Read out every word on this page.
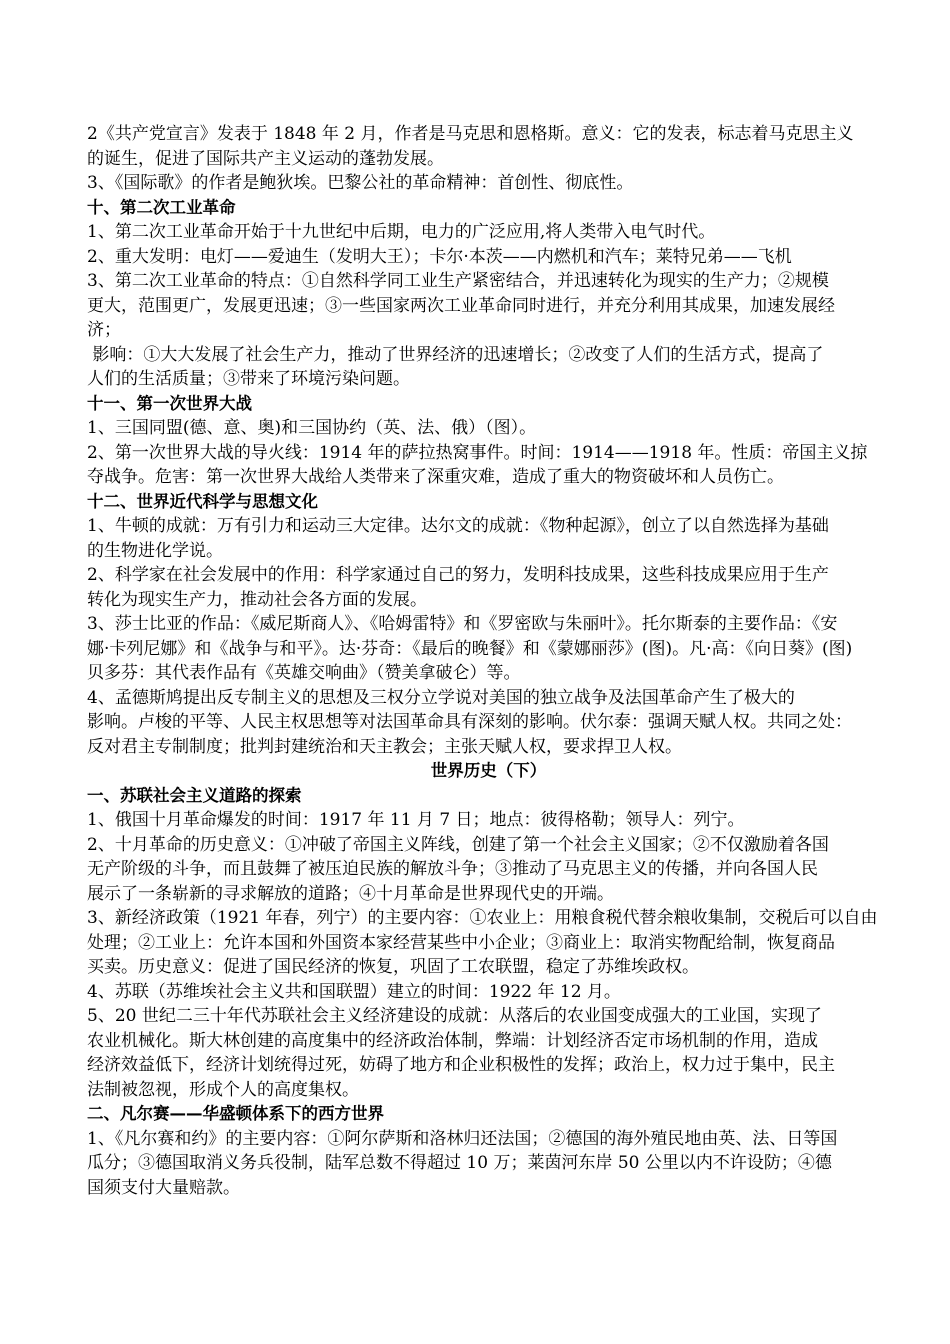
2《共产党宣言》发表于 1848 年 2 月，作者是马克思和恩格斯。意义：它的发表，标志着马克思主义
的诞生，促进了国际共产主义运动的蓬勃发展。
3、《国际歌》的作者是鲍狄埃。巴黎公社的革命精神：首创性、彻底性。
十、第二次工业革命
1、第二次工业革命开始于十九世纪中后期，电力的广泛应用,将人类带入电气时代。
2、重大发明：电灯——爱迪生（发明大王）；卡尔·本茨——内燃机和汽车；莱特兄弟——飞机
3、第二次工业革命的特点：①自然科学同工业生产紧密结合，并迅速转化为现实的生产力；②规模
更大，范围更广，发展更迅速；③一些国家两次工业革命同时进行，并充分利用其成果，加速发展经
济；
影响：①大大发展了社会生产力，推动了世界经济的迅速增长；②改变了人们的生活方式，提高了
人们的生活质量；③带来了环境污染问题。
十一、第一次世界大战
1、三国同盟(德、意、奥)和三国协约（英、法、俄）（图）。
2、第一次世界大战的导火线：1914 年的萨拉热窝事件。时间：1914——1918 年。性质：帝国主义掠
夺战争。危害：第一次世界大战给人类带来了深重灾难，造成了重大的物资破坏和人员伤亡。
十二、世界近代科学与思想文化
1、牛顿的成就：万有引力和运动三大定律。达尔文的成就：《物种起源》，创立了以自然选择为基础
的生物进化学说。
2、科学家在社会发展中的作用：科学家通过自己的努力，发明科技成果，这些科技成果应用于生产
转化为现实生产力，推动社会各方面的发展。
3、莎士比亚的作品：《威尼斯商人》、《哈姆雷特》和《罗密欧与朱丽叶》。托尔斯泰的主要作品：《安
娜·卡列尼娜》和《战争与和平》。达·芬奇：《最后的晚餐》和《蒙娜丽莎》(图)。凡·高：《向日葵》(图)
贝多芬：其代表作品有《英雄交响曲》（赞美拿破仑）等。
4、孟德斯鸠提出反专制主义的思想及三权分立学说对美国的独立战争及法国革命产生了极大的
影响。卢梭的平等、人民主权思想等对法国革命具有深刻的影响。伏尔泰：强调天赋人权。共同之处：
反对君主专制制度；批判封建统治和天主教会；主张天赋人权，要求捍卫人权。
世界历史（下）
一、苏联社会主义道路的探索
1、俄国十月革命爆发的时间：1917 年 11 月 7 日；地点：彼得格勒；领导人：列宁。
2、十月革命的历史意义：①冲破了帝国主义阵线，创建了第一个社会主义国家；②不仅激励着各国
无产阶级的斗争，而且鼓舞了被压迫民族的解放斗争；③推动了马克思主义的传播，并向各国人民
展示了一条崭新的寻求解放的道路；④十月革命是世界现代史的开端。
3、新经济政策（1921 年春，列宁）的主要内容：①农业上：用粮食税代替余粮收集制，交税后可以自由
处理；②工业上：允许本国和外国资本家经营某些中小企业；③商业上：取消实物配给制，恢复商品
买卖。历史意义：促进了国民经济的恢复，巩固了工农联盟，稳定了苏维埃政权。
4、苏联（苏维埃社会主义共和国联盟）建立的时间：1922 年 12 月。
5、20 世纪二三十年代苏联社会主义经济建设的成就：从落后的农业国变成强大的工业国，实现了
农业机械化。斯大林创建的高度集中的经济政治体制，弊端：计划经济否定市场机制的作用，造成
经济效益低下，经济计划统得过死，妨碍了地方和企业积极性的发挥；政治上，权力过于集中，民主
法制被忽视，形成个人的高度集权。
二、凡尔赛——华盛顿体系下的西方世界
1、《凡尔赛和约》的主要内容：①阿尔萨斯和洛林归还法国；②德国的海外殖民地由英、法、日等国
瓜分；③德国取消义务兵役制，陆军总数不得超过 10 万；莱茵河东岸 50 公里以内不许设防；④德
国须支付大量赔款。
